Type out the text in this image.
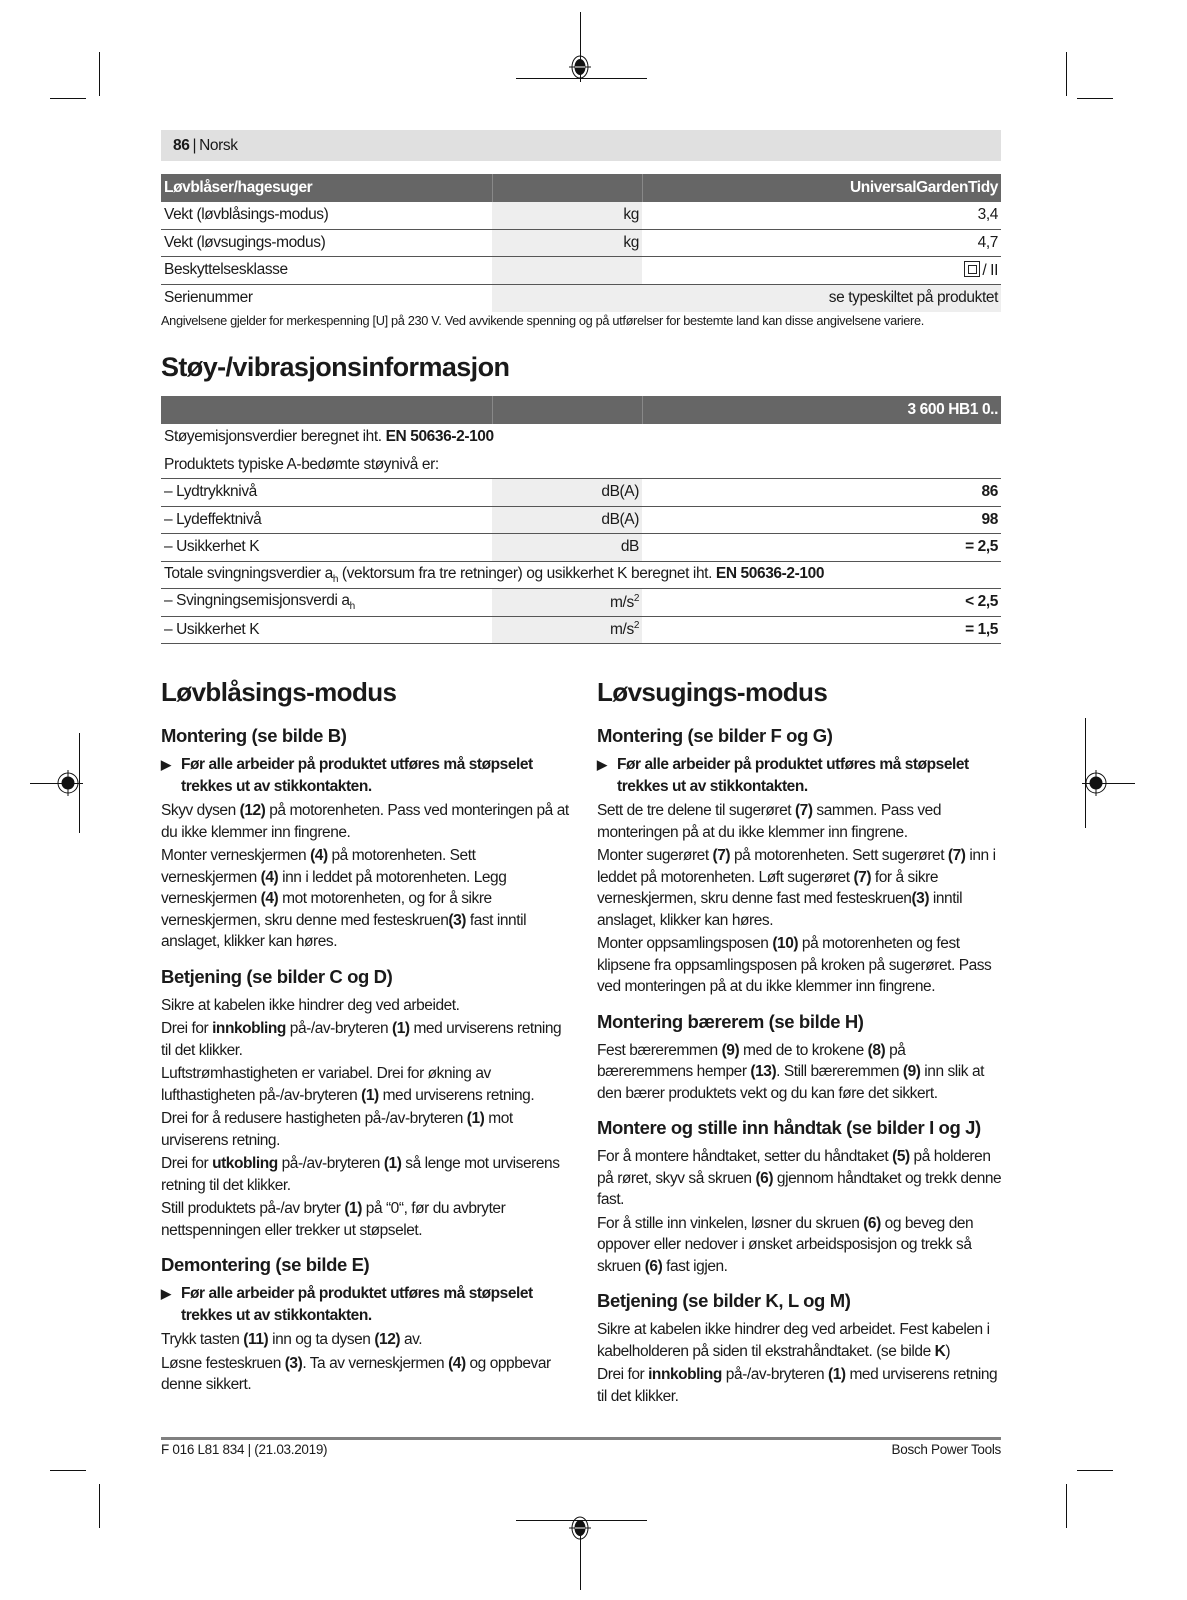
86 | Norsk
Løvblåser/hagesuger		UniversalGardenTidy
Vekt (løvblåsings-modus)	kg	3,4
Vekt (løvsugings-modus)	kg	4,7
Beskyttelsesklasse		/ II
Serienummer		se typeskiltet på produktet
Angivelsene gjelder for merkespenning [U] på 230 V. Ved avvikende spenning og på utførelser for bestemte land kan disse angivelsene variere.
Støy-/vibrasjonsinformasjon
		3 600 HB1 0..
Støyemisjonsverdier beregnet iht. EN 50636-2-100		
Produktets typiske A-bedømte støynivå er:		
– Lydtrykknivå	dB(A)	86
– Lydeffektnivå	dB(A)	98
– Usikkerhet K	dB	= 2,5
Totale svingningsverdier $a_h$ (vektorsum fra tre retninger) og usikkerhet K beregnet iht. EN 50636-2-100		
– Svingningsemisjonsverdi $a_h$	$m/s^2$	< 2,5
– Usikkerhet K	$m/s^2$	= 1,5
Løvblåsings-modus
Montering (se bilde B)

▶ Før alle arbeider på produktet utføres må støpselet trekkes ut av stikkontakten.

Skyv dysen (12) på motorenheten. Pass ved monteringen på at du ikke klemmer inn fingrene.

Monter verneskjermen (4) på motorenheten. Sett verneskjermen (4) inn i leddet på motorenheten. Legg verneskjermen (4) mot motorenheten, og for å sikre verneskjermen, skru denne med festeskruen(3) fast inntil anslaget, klikker kan høres.

Betjening (se bilder C og D)

Sikre at kabelen ikke hindrer deg ved arbeidet.

Drei for innkobling på-/av-bryteren (1) med urviserens retning til det klikker.

Luftstrømhastigheten er variabel. Drei for økning av lufthastigheten på-/av-bryteren (1) med urviserens retning.

Drei for å redusere hastigheten på-/av-bryteren (1) mot urviserens retning.

Drei for utkobling på-/av-bryteren (1) så lenge mot urviserens retning til det klikker.

Still produktets på-/av bryter (1) på “0“, før du avbryter nettspenningen eller trekker ut støpselet.

Demontering (se bilde E)

▶ Før alle arbeider på produktet utføres må støpselet trekkes ut av stikkontakten.

Trykk tasten (11) inn og ta dysen (12) av.

Løsne festeskruen (3). Ta av verneskjermen (4) og oppbevar denne sikkert.

Løvsugings-modus
Montering (se bilder F og G)

▶ Før alle arbeider på produktet utføres må støpselet trekkes ut av stikkontakten.

Sett de tre delene til sugerøret (7) sammen. Pass ved monteringen på at du ikke klemmer inn fingrene.

Monter sugerøret (7) på motorenheten. Sett sugerøret (7) inn i leddet på motorenheten. Løft sugerøret (7) for å sikre verneskjermen, skru denne fast med festeskruen(3) inntil anslaget, klikker kan høres.

Monter oppsamlingsposen (10) på motorenheten og fest klipsene fra oppsamlingsposen på kroken på sugerøret. Pass ved monteringen på at du ikke klemmer inn fingrene.

Montering bærerem (se bilde H)

Fest bæreremmen (9) med de to krokene (8) på bæreremmens hemper (13). Still bæreremmen (9) inn slik at den bærer produktets vekt og du kan føre det sikkert.

Montere og stille inn håndtak (se bilder I og J)

For å montere håndtaket, setter du håndtaket (5) på holderen på røret, skyv så skruen (6) gjennom håndtaket og trekk denne fast.

For å stille inn vinkelen, løsner du skruen (6) og beveg den oppover eller nedover i ønsket arbeidsposisjon og trekk så skruen (6) fast igjen.

Betjening (se bilder K, L og M)

Sikre at kabelen ikke hindrer deg ved arbeidet. Fest kabelen i kabelholderen på siden til ekstrahåndtaket. (se bilde K)

Drei for innkobling på-/av-bryteren (1) med urviserens retning til det klikker.

F 016 L81 834 | (21.03.2019)	Bosch Power Tools
